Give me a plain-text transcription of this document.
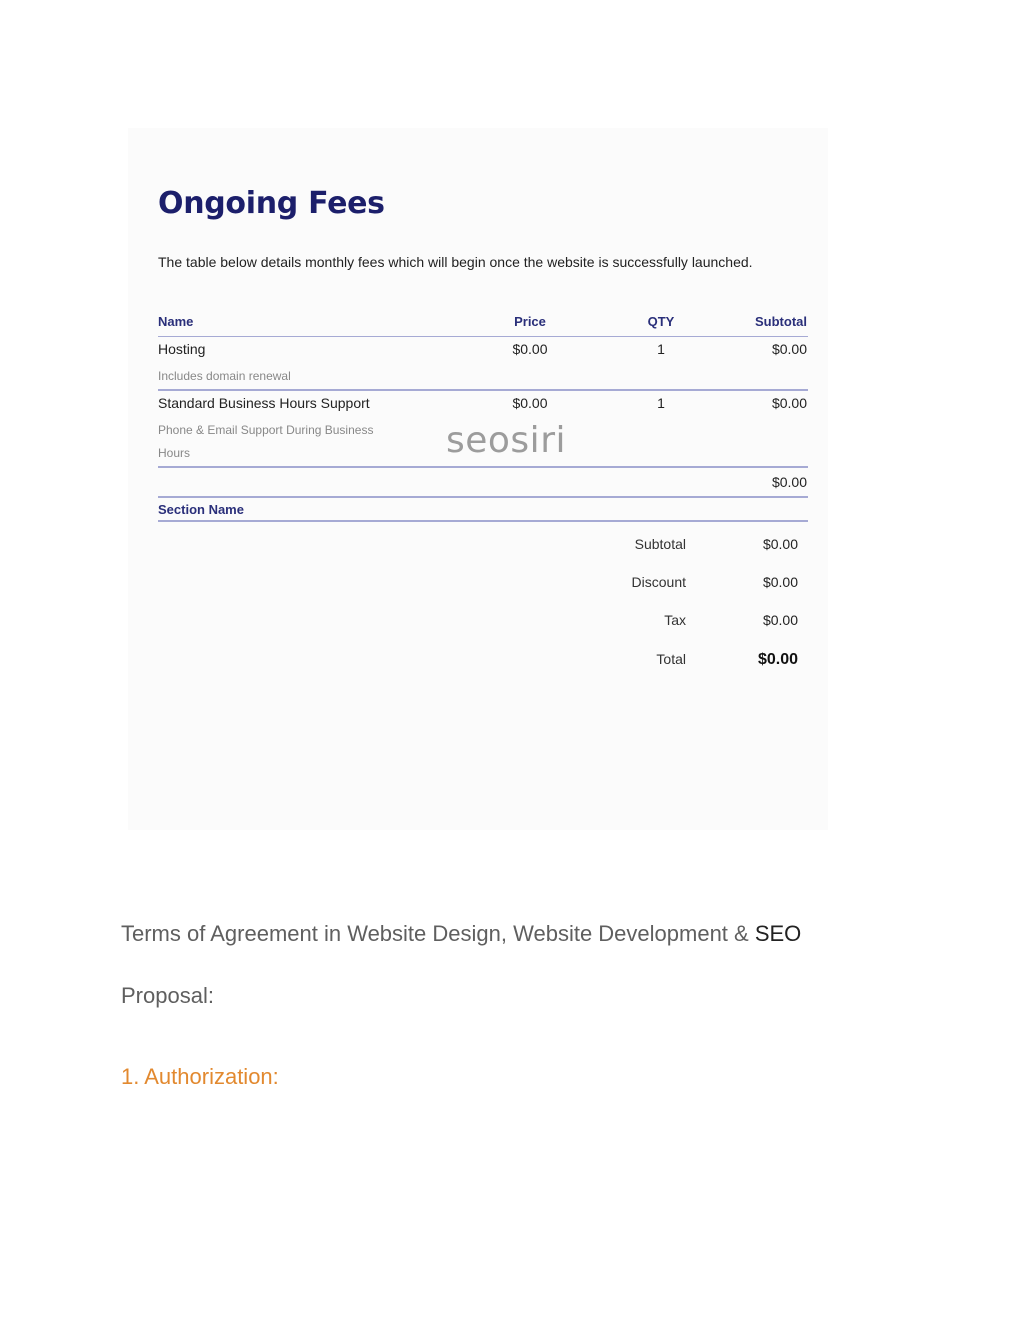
Ongoing Fees
The table below details monthly fees which will begin once the website is successfully launched.
Name	Price	QTY	Subtotal
Hosting	$0.00	1	$0.00
Includes domain renewal
Standard Business Hours Support	$0.00	1	$0.00
Phone & Email Support During Business
Hours
$0.00
Section Name
seosiri
Subtotal	$0.00
Discount	$0.00
Tax	$0.00
Total	$0.00
Terms of Agreement in Website Design, Website Development & SEO
Proposal:
1. Authorization:
